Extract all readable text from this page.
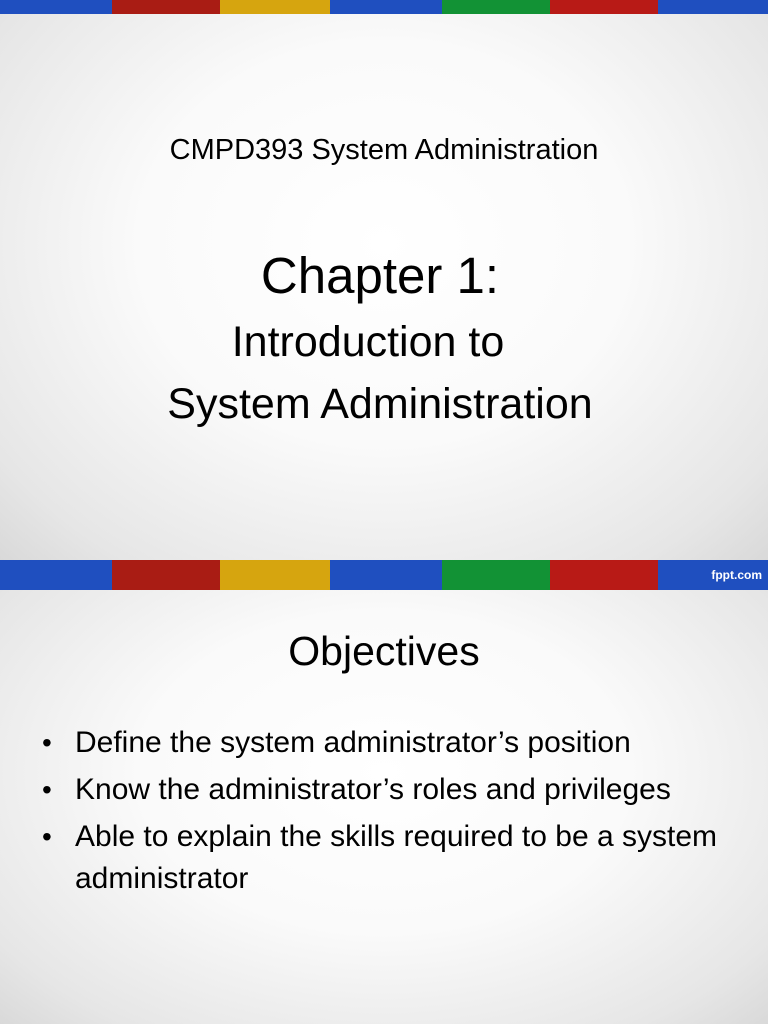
CMPD393 System Administration
Chapter 1:
Introduction to
System Administration
fppt.com
Objectives
• Define the system administrator’s position
• Know the administrator’s roles and privileges
• Able to explain the skills required to be a system administrator
